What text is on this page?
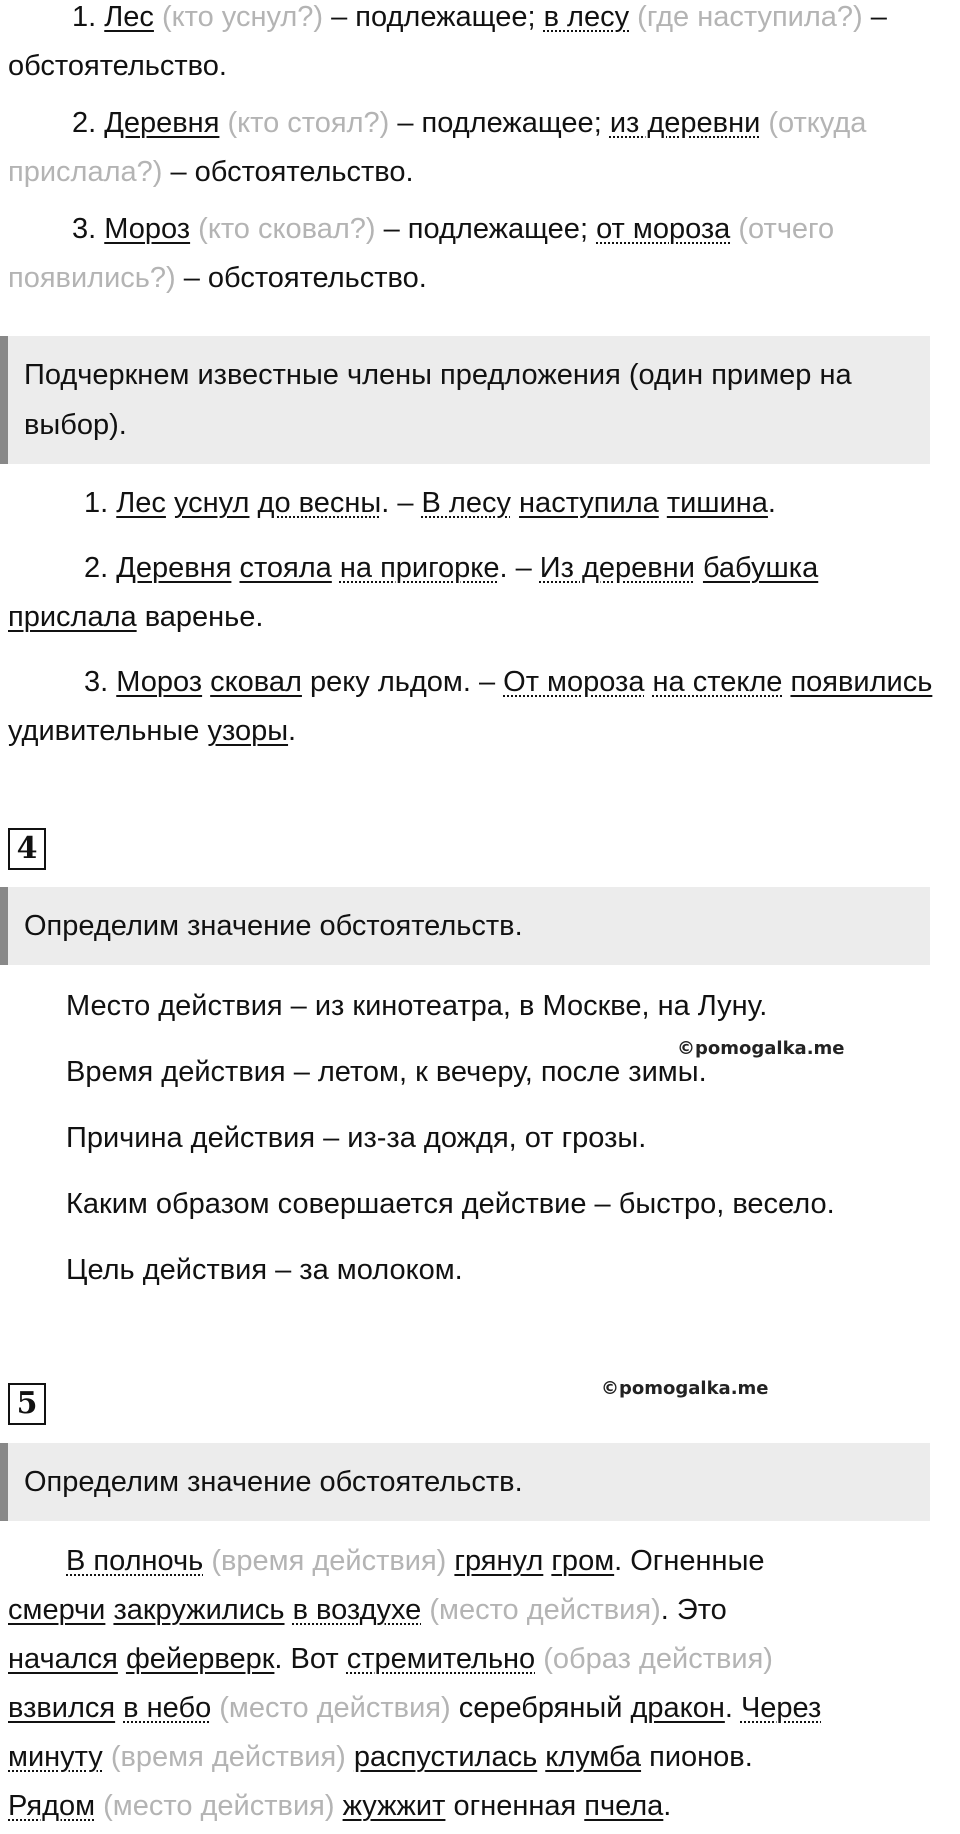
1. Лес (кто уснул?) – подлежащее; в лесу (где наступила?) – обстоятельство.

2. Деревня (кто стоял?) – подлежащее; из деревни (откуда прислала?) – обстоятельство.

3. Мороз (кто сковал?) – подлежащее; от мороза (отчего появились?) – обстоятельство.

Подчеркнем известные члены предложения (один пример на выбор).

1. Лес уснул до весны. – В лесу наступила тишина.

2. Деревня стояла на пригорке. – Из деревни бабушка прислала варенье.

3. Мороз сковал реку льдом. – От мороза на стекле появились удивительные узоры.

4
Определим значение обстоятельств.

Место действия – из кинотеатра, в Москве, на Луну.

Время действия – летом, к вечеру, после зимы.

Причина действия – из-за дождя, от грозы.

Каким образом совершается действие – быстро, весело.

Цель действия – за молоком.

©pomogalka.me
5	©pomogalka.me
Определим значение обстоятельств.
В полночь (время действия) грянул гром. Огненные
смерчи закружились в воздухе (место действия). Это
начался фейерверк. Вот стремительно (образ действия)
взвился в небо (место действия) серебряный дракон. Через
минуту (время действия) распустилась клумба пионов.
Рядом (место действия) жужжит огненная пчела.
